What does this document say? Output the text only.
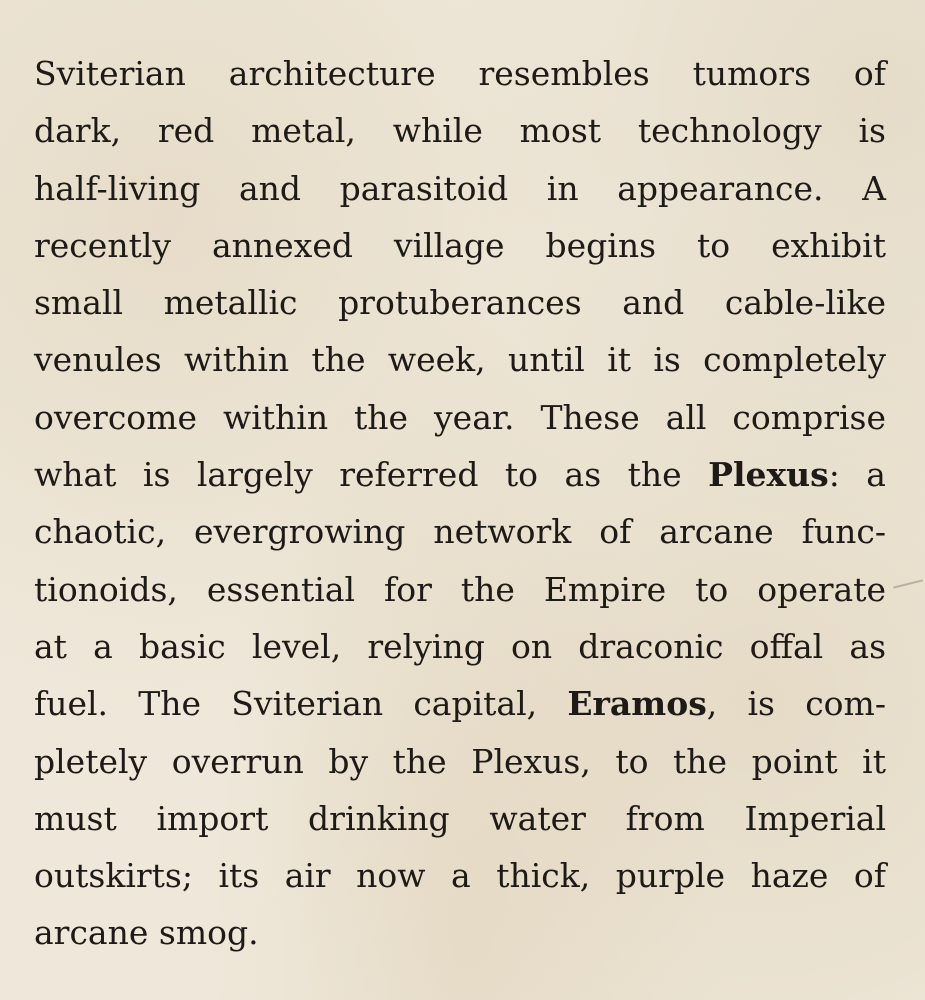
Sviterian architecture resembles tumors of
dark, red metal, while most technology is
half-living and parasitoid in appearance. A
recently annexed village begins to exhibit
small metallic protuberances and cable-like
venules within the week, until it is completely
overcome within the year. These all comprise
what is largely referred to as the Plexus: a
chaotic, evergrowing network of arcane func-
tionoids, essential for the Empire to operate
at a basic level, relying on draconic offal as
fuel. The Sviterian capital, Eramos, is com-
pletely overrun by the Plexus, to the point it
must import drinking water from Imperial
outskirts; its air now a thick, purple haze of
arcane smog.
